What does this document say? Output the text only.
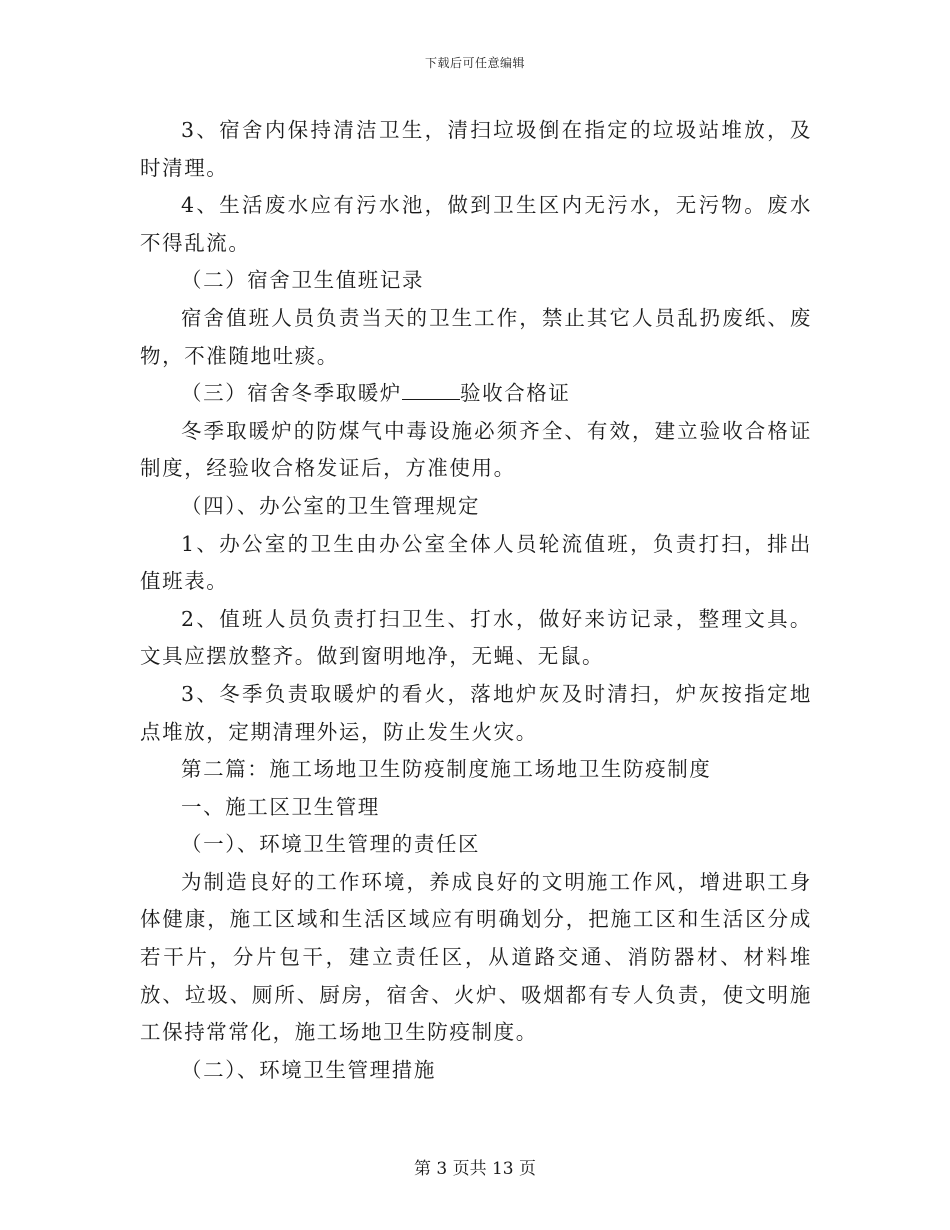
下载后可任意编辑

3、宿舍内保持清洁卫生，清扫垃圾倒在指定的垃圾站堆放，及时清理。

4、生活废水应有污水池，做到卫生区内无污水，无污物。废水不得乱流。

（二）宿舍卫生值班记录

宿舍值班人员负责当天的卫生工作，禁止其它人员乱扔废纸、废物，不准随地吐痰。

（三）宿舍冬季取暖炉	验收合格证

冬季取暖炉的防煤气中毒设施必须齐全、有效，建立验收合格证制度，经验收合格发证后，方准使用。

（四）、办公室的卫生管理规定

1、办公室的卫生由办公室全体人员轮流值班，负责打扫，排出值班表。

2、值班人员负责打扫卫生、打水，做好来访记录，整理文具。文具应摆放整齐。做到窗明地净，无蝇、无鼠。

3、冬季负责取暖炉的看火，落地炉灰及时清扫，炉灰按指定地点堆放，定期清理外运，防止发生火灾。

第二篇：施工场地卫生防疫制度施工场地卫生防疫制度

一、施工区卫生管理

（一）、环境卫生管理的责任区

为制造良好的工作环境，养成良好的文明施工作风，增进职工身体健康，施工区域和生活区域应有明确划分，把施工区和生活区分成若干片，分片包干，建立责任区，从道路交通、消防器材、材料堆放、垃圾、厕所、厨房，宿舍、火炉、吸烟都有专人负责，使文明施工保持常常化，施工场地卫生防疫制度。

（二）、环境卫生管理措施

第 3 页共 13 页
